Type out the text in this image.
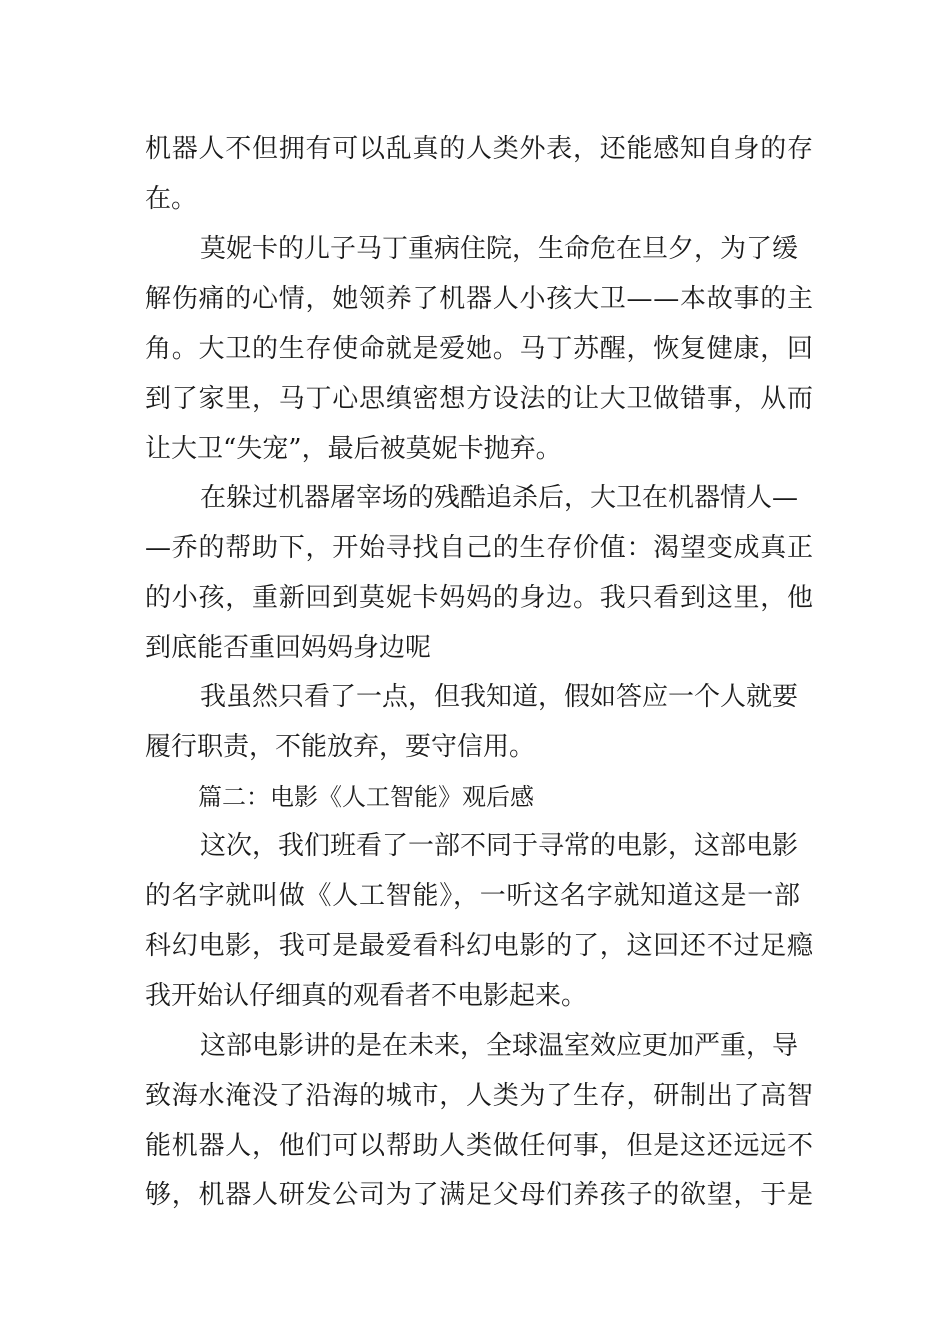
机器人不但拥有可以乱真的人类外表，还能感知自身的存
在。
莫妮卡的儿子马丁重病住院，生命危在旦夕，为了缓
解伤痛的心情，她领养了机器人小孩大卫——本故事的主
角。大卫的生存使命就是爱她。马丁苏醒，恢复健康，回
到了家里，马丁心思缜密想方设法的让大卫做错事，从而
让大卫“失宠”，最后被莫妮卡抛弃。
在躲过机器屠宰场的残酷追杀后，大卫在机器情人—
—乔的帮助下，开始寻找自己的生存价值：渴望变成真正
的小孩，重新回到莫妮卡妈妈的身边。我只看到这里，他
到底能否重回妈妈身边呢
我虽然只看了一点，但我知道，假如答应一个人就要
履行职责，不能放弃，要守信用。
篇二：电影《人工智能》观后感
这次，我们班看了一部不同于寻常的电影，这部电影
的名字就叫做《人工智能》，一听这名字就知道这是一部
科幻电影，我可是最爱看科幻电影的了，这回还不过足瘾
我开始认仔细真的观看者不电影起来。
这部电影讲的是在未来，全球温室效应更加严重，导
致海水淹没了沿海的城市，人类为了生存，研制出了高智
能机器人，他们可以帮助人类做任何事，但是这还远远不
够，机器人研发公司为了满足父母们养孩子的欲望，于是
